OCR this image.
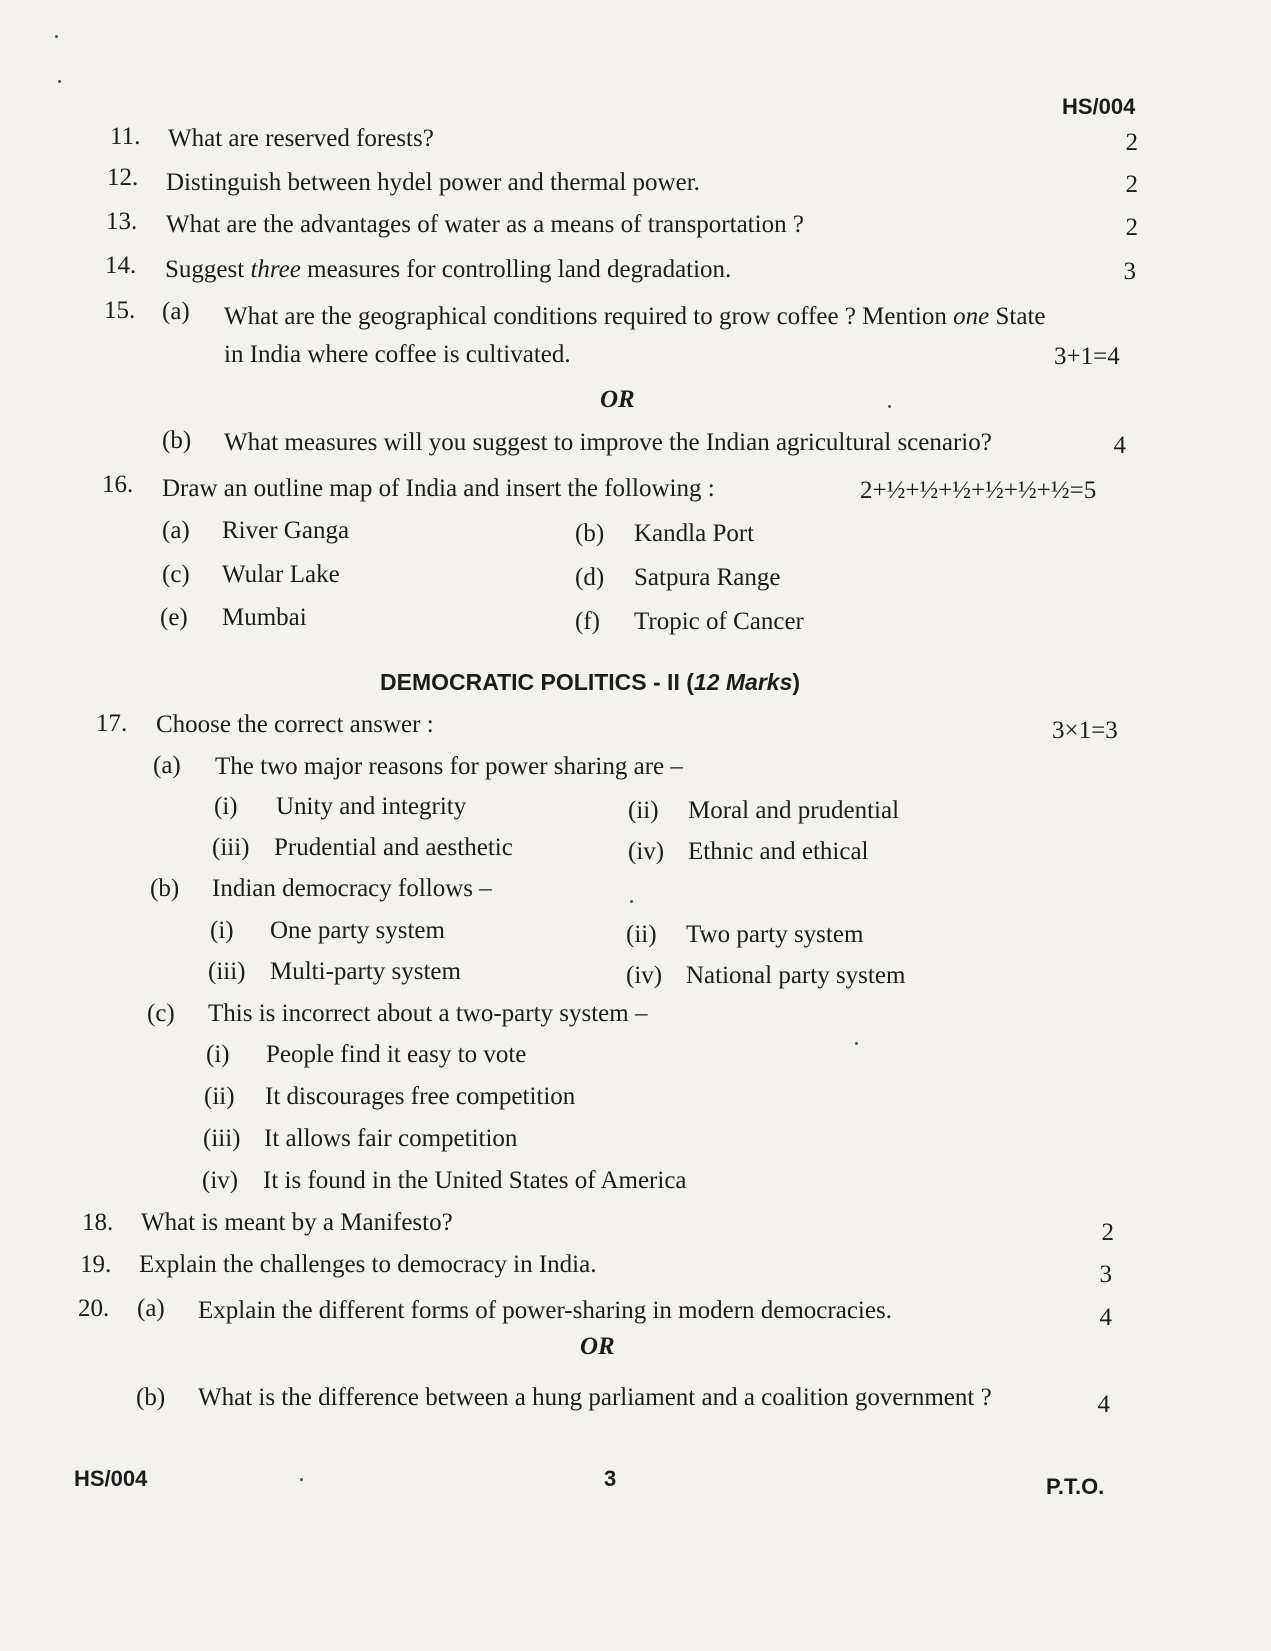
HS/004
11. What are reserved forests?	2
12. Distinguish between hydel power and thermal power.	2
13. What are the advantages of water as a means of transportation ?	2
14. Suggest three measures for controlling land degradation.	3
15. (a) What are the geographical conditions required to grow coffee ? Mention one State
in India where coffee is cultivated.	3+1=4
OR
(b) What measures will you suggest to improve the Indian agricultural scenario?	4
16. Draw an outline map of India and insert the following :	2+½+½+½+½+½+½=5
(a) River Ganga	(b) Kandla Port
(c) Wular Lake	(d) Satpura Range
(e) Mumbai	(f) Tropic of Cancer
DEMOCRATIC POLITICS - II (12 Marks)
17. Choose the correct answer :	3×1=3
(a) The two major reasons for power sharing are –
(i) Unity and integrity	(ii) Moral and prudential
(iii) Prudential and aesthetic	(iv) Ethnic and ethical
(b) Indian democracy follows –
(i) One party system	(ii) Two party system
(iii) Multi-party system	(iv) National party system
(c) This is incorrect about a two-party system –
(i) People find it easy to vote
(ii) It discourages free competition
(iii) It allows fair competition
(iv) It is found in the United States of America
18. What is meant by a Manifesto?	2
19. Explain the challenges to democracy in India.	3
20. (a) Explain the different forms of power-sharing in modern democracies.	4
OR
(b) What is the difference between a hung parliament and a coalition government ?	4
HS/004	3	P.T.O.
